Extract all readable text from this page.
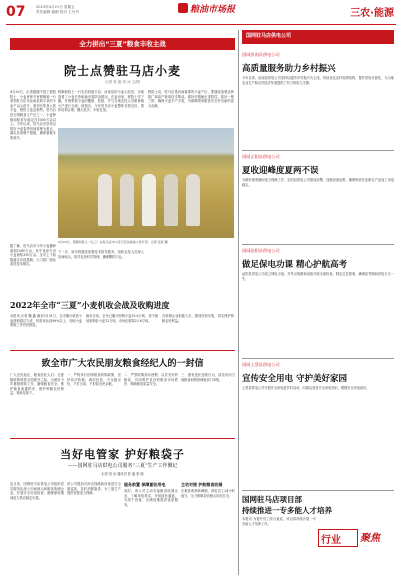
07	2023年4月21日 星期五
责任编辑 编辑 校对 王丹丹	粮油市场报	三农·能源
全力拼出“三夏”粮食丰收主战
院士点赞驻马店小麦
记者 张 毅 刘 冰 文/图
4月20日，记者跟随中国工程院院士、小麦育种专家程顺和一行来到驻马店市汝南县和平县的小麦千亩示范方。看到长势喜人的小麦，程院士连连称赞。驻马店是全国粮食主产区之一，小麦种植面积常年稳定在1000万亩以上。今年以来，驻马店市坚持以抓好小麦春季田间管理为重点，落实各项增产措施，确保夏粮丰收到手。
程顺和院士一行先后到遂平县、汝南县的小麦示范田，实地查看了小麦长势和病虫害防治情况。在麦田里，程院士弯下腰，仔细察看小麦的穗数、粒数，并与当地农技人员和种植大户进行交流。他指出，今年驻马店小麦整体长势良好，群体结构合理，穗大粒多，丰收在望。
程院士说，驻马店是河南重要的小麦产区，要继续加强良种推广和高产栽培技术集成，做好后期病虫害防控，抓好一喷三防，确保小麦丰产丰收，为保障国家粮食安全作出新的更大贡献。
4月20日，程顺和院士（左三）在驻马店市小麦示范田查看小麦长势。记者 张毅 摄
据了解，驻马店市今年小麦播种面积1080万亩，其中优质专用小麦面积350万亩。全市上下积极落实各项措施，大力推广绿色高效技术模式。
下一步，该市将继续加强技术指导服务，组织农技人员深入田间地头，指导农民科学管理，确保颗粒归仓。
2022年全市“三夏”小麦机收会战及收购进度
本报讯 记者 魏 鑫 截至5月31日，全市累计收获小麦面积超过九成，机收率达到98%以上，各地小麦收购工作有序推进。
截至目前，全市已累计收购小麦35.6万吨，其中最低收购价小麦12万吨，市场化收购23.6万吨。
各收储企业积极入市，做到应收尽收，切实保护种粮农民利益。
致全市广大农民朋友粮食经纪人的一封信
广大农民朋友、粮食经纪人们：在夏粮收购即将全面展开之际，为做好今年夏粮收购工作，确保粮食安全，维护粮食流通秩序，保护种粮农民利益，特致信如下。
一、严格执行国家粮食收购政策，坚持依法收粮，诚信经营，不压级压价，不打白条，不拒收农民余粮。
二、严禁收购掺杂使假、以次充好的粮食，共同维护良好的粮食市场秩序，保障粮食质量安全。
三、遇有违法违规行为，请及时向当地粮食和物资储备部门举报。
当好电管家 护好粮袋子
——国网驻马店供电公司服务“三夏”生产工作侧记
记者 刘 冰 通讯员 张 毅 张 晓
连日来，国网驻马店供电公司组织党员服务队深入田间地头和粮食收储企业，开展安全用电检查，确保夏收期间电力供应稳定可靠。
该公司提前对涉农线路和设备进行全面巡视，及时消除隐患，为三夏生产提供坚强电力保障。
服务前置 保障夏收用电
同时，该公司主动对接粮食收储企业，了解用电需求，开辟绿色通道，为烘干设备、仓储设施提供优质服务。
主动对接 护航粮食收储
在粮食收购高峰期，供电员工24小时值守，全力保障各收储点用电安全。
国网驻马店供电公司
国网汝南县供电公司
高质量服务助力乡村振兴
今年以来，汝南县供电公司坚持以服务乡村振兴为主线，持续优化农村电网结构，提升供电可靠性，为当地农业生产和农村经济发展提供了有力的电力支撑。
国网正阳县供电公司
夏收迎峰度夏两不误
为做好夏收期间电力保障工作，正阳县供电公司提前部署，加强设备运维，确保机收作业和农产品加工用电稳定。
国网泌阳县供电公司
做足保电功课 精心护航高考
泌阳县供电公司成立保电小组，对考点线路和设备开展全面检查，制定应急预案，确保高考期间供电万无一失。
国网上蔡县供电公司
宣传安全用电 守护美好家园
上蔡县供电公司开展安全用电进乡村活动，向群众普及安全用电知识，增强安全用电意识。
国网驻马店项目部
持续推进一专多能人才培养
本报讯 为提升员工综合素质，项目部持续开展一专多能人才培养工作。
行业 聚焦
